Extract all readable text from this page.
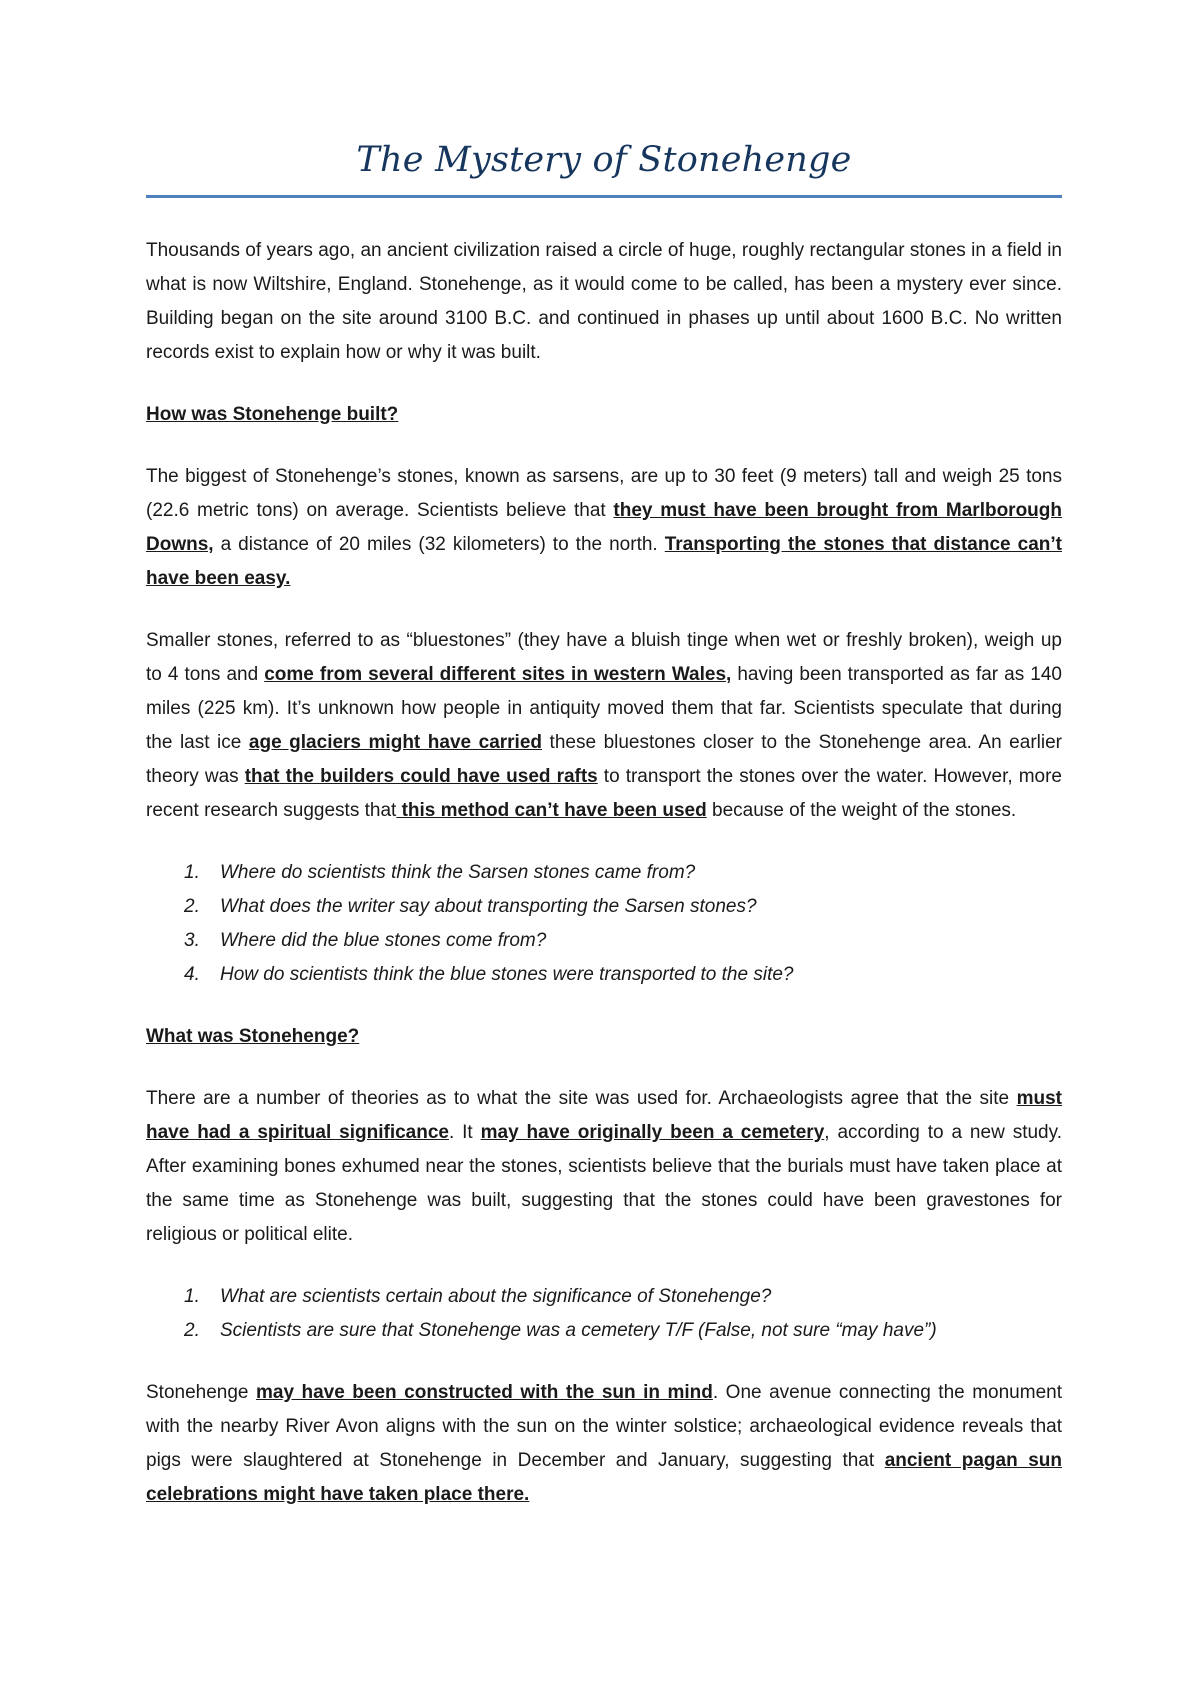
The Mystery of Stonehenge

Thousands of years ago, an ancient civilization raised a circle of huge, roughly rectangular stones in a field in what is now Wiltshire, England. Stonehenge, as it would come to be called, has been a mystery ever since. Building began on the site around 3100 B.C. and continued in phases up until about 1600 B.C. No written records exist to explain how or why it was built.

How was Stonehenge built?

The biggest of Stonehenge’s stones, known as sarsens, are up to 30 feet (9 meters) tall and weigh 25 tons (22.6 metric tons) on average. Scientists believe that they must have been brought from Marlborough Downs, a distance of 20 miles (32 kilometers) to the north. Transporting the stones that distance can’t have been easy.

Smaller stones, referred to as “bluestones” (they have a bluish tinge when wet or freshly broken), weigh up to 4 tons and come from several different sites in western Wales, having been transported as far as 140 miles (225 km). It’s unknown how people in antiquity moved them that far. Scientists speculate that during the last ice age glaciers might have carried these bluestones closer to the Stonehenge area. An earlier theory was that the builders could have used rafts to transport the stones over the water. However, more recent research suggests that this method can’t have been used because of the weight of the stones.

1. Where do scientists think the Sarsen stones came from?
2. What does the writer say about transporting the Sarsen stones?
3. Where did the blue stones come from?
4. How do scientists think the blue stones were transported to the site?

What was Stonehenge?

There are a number of theories as to what the site was used for. Archaeologists agree that the site must have had a spiritual significance. It may have originally been a cemetery, according to a new study. After examining bones exhumed near the stones, scientists believe that the burials must have taken place at the same time as Stonehenge was built, suggesting that the stones could have been gravestones for religious or political elite.

1. What are scientists certain about the significance of Stonehenge?
2. Scientists are sure that Stonehenge was a cemetery T/F (False, not sure “may have”)

Stonehenge may have been constructed with the sun in mind. One avenue connecting the monument with the nearby River Avon aligns with the sun on the winter solstice; archaeological evidence reveals that pigs were slaughtered at Stonehenge in December and January, suggesting that ancient pagan sun celebrations might have taken place there.
